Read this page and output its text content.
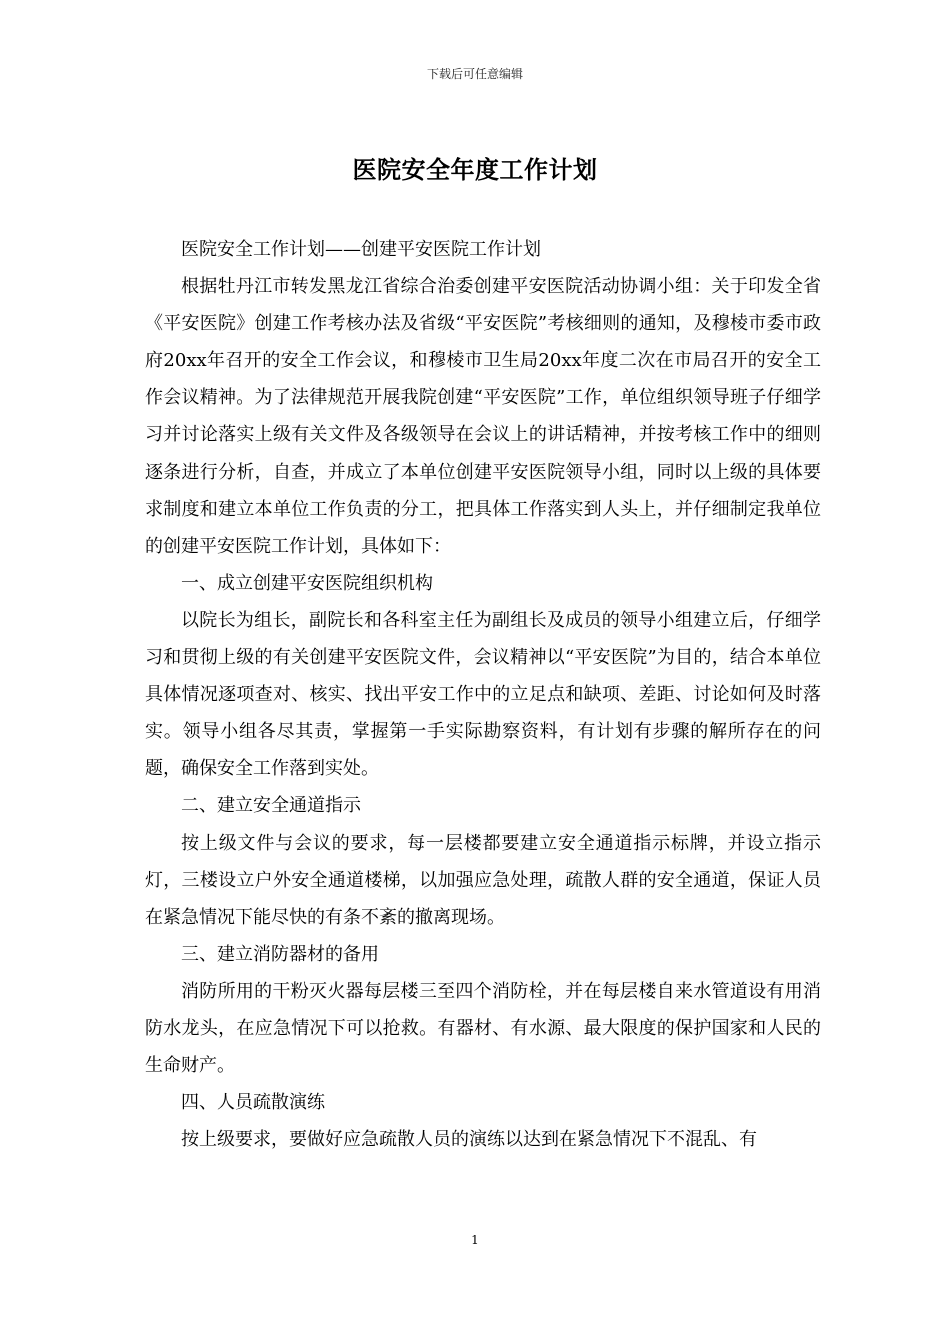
下载后可任意编辑
医院安全年度工作计划

医院安全工作计划——创建平安医院工作计划

根据牡丹江市转发黑龙江省综合治委创建平安医院活动协调小组：关于印发全省《平安医院》创建工作考核办法及省级“平安医院”考核细则的通知，及穆棱市委市政府20xx年召开的安全工作会议，和穆棱市卫生局20xx年度二次在市局召开的安全工作会议精神。为了法律规范开展我院创建“平安医院”工作，单位组织领导班子仔细学习并讨论落实上级有关文件及各级领导在会议上的讲话精神，并按考核工作中的细则逐条进行分析，自查，并成立了本单位创建平安医院领导小组，同时以上级的具体要求制度和建立本单位工作负责的分工，把具体工作落实到人头上，并仔细制定我单位的创建平安医院工作计划，具体如下：

一、成立创建平安医院组织机构

以院长为组长，副院长和各科室主任为副组长及成员的领导小组建立后，仔细学习和贯彻上级的有关创建平安医院文件，会议精神以“平安医院”为目的，结合本单位具体情况逐项查对、核实、找出平安工作中的立足点和缺项、差距、讨论如何及时落实。领导小组各尽其责，掌握第一手实际勘察资料，有计划有步骤的解所存在的问题，确保安全工作落到实处。

二、建立安全通道指示

按上级文件与会议的要求，每一层楼都要建立安全通道指示标牌，并设立指示灯，三楼设立户外安全通道楼梯，以加强应急处理，疏散人群的安全通道，保证人员在紧急情况下能尽快的有条不紊的撤离现场。

三、建立消防器材的备用

消防所用的干粉灭火器每层楼三至四个消防栓，并在每层楼自来水管道设有用消防水龙头，在应急情况下可以抢救。有器材、有水源、最大限度的保护国家和人民的生命财产。

四、人员疏散演练

按上级要求，要做好应急疏散人员的演练以达到在紧急情况下不混乱、有

1
